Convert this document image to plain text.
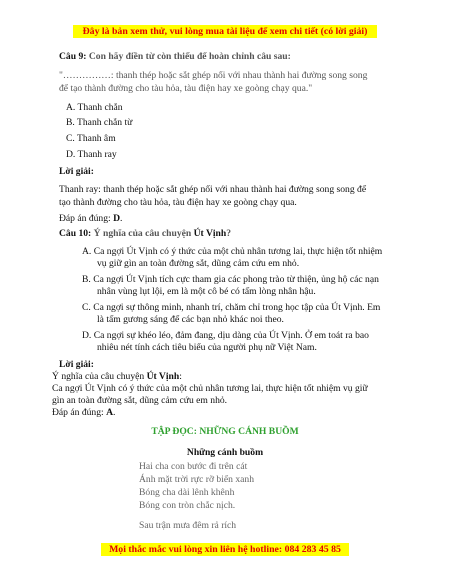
Đây là bản xem thử, vui lòng mua tài liệu để xem chi tiết (có lời giải)
Câu 9: Con hãy điền từ còn thiếu để hoàn chỉnh câu sau:
"……………: thanh thép hoặc sắt ghép nối với nhau thành hai đường song song
để tạo thành đường cho tàu hỏa, tàu điện hay xe goòng chạy qua."
A. Thanh chắn
B. Thanh chắn từ
C. Thanh âm
D. Thanh ray
Lời giải:
Thanh ray: thanh thép hoặc sắt ghép nối với nhau thành hai đường song song để
tạo thành đường cho tàu hỏa, tàu điện hay xe goòng chạy qua.
Đáp án đúng: D.
Câu 10: Ý nghĩa của câu chuyện Út Vịnh?
A. Ca ngợi Út Vịnh có ý thức của một chủ nhân tương lai, thực hiện tốt nhiệm
vụ giữ gìn an toàn đường sắt, dũng cảm cứu em nhỏ.
B. Ca ngợi Út Vịnh tích cực tham gia các phong trào từ thiện, ủng hộ các nạn
nhân vùng lụt lội, em là một cô bé có tấm lòng nhân hậu.
C. Ca ngợi sự thông minh, nhanh trí, chăm chỉ trong học tập của Út Vịnh. Em
là tấm gương sáng để các bạn nhỏ khác noi theo.
D. Ca ngợi sự khéo léo, đảm đang, dịu dàng của Út Vịnh. Ở em toát ra bao
nhiêu nét tính cách tiêu biểu của người phụ nữ Việt Nam.
Lời giải:
Ý nghĩa của câu chuyện Út Vịnh:
Ca ngợi Út Vịnh có ý thức của một chủ nhân tương lai, thực hiện tốt nhiệm vụ giữ
gìn an toàn đường sắt, dũng cảm cứu em nhỏ.
Đáp án đúng: A.
TẬP ĐỌC: NHỮNG CÁNH BUỒM
Những cánh buồm
Hai cha con bước đi trên cát
Ánh mặt trời rực rỡ biển xanh
Bóng cha dài lênh khênh
Bóng con tròn chắc nịch.
Sau trận mưa đêm rả rích
Mọi thắc mắc vui lòng xin liên hệ hotline: 084 283 45 85
